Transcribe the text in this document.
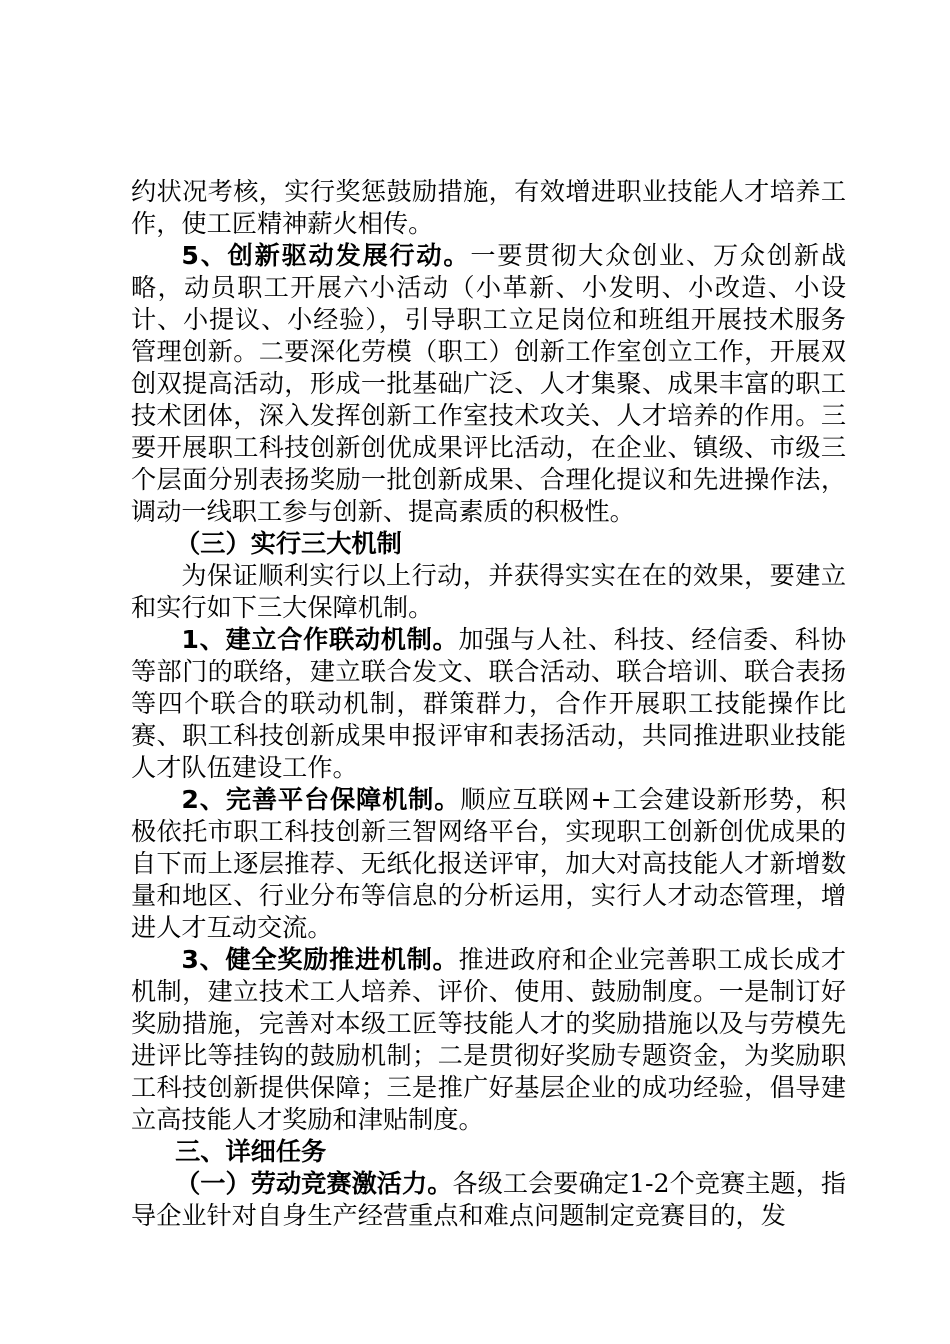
约状况考核，实行奖惩鼓励措施，有效增进职业技能人才培养工作，使工匠精神薪火相传。

5、创新驱动发展行动。一要贯彻大众创业、万众创新战略，动员职工开展六小活动（小革新、小发明、小改造、小设计、小提议、小经验），引导职工立足岗位和班组开展技术服务管理创新。二要深化劳模（职工）创新工作室创立工作，开展双创双提高活动，形成一批基础广泛、人才集聚、成果丰富的职工技术团体，深入发挥创新工作室技术攻关、人才培养的作用。三要开展职工科技创新创优成果评比活动，在企业、镇级、市级三个层面分别表扬奖励一批创新成果、合理化提议和先进操作法，调动一线职工参与创新、提高素质的积极性。

（三）实行三大机制

为保证顺利实行以上行动，并获得实实在在的效果，要建立和实行如下三大保障机制。

1、建立合作联动机制。加强与人社、科技、经信委、科协等部门的联络，建立联合发文、联合活动、联合培训、联合表扬等四个联合的联动机制，群策群力，合作开展职工技能操作比赛、职工科技创新成果申报评审和表扬活动，共同推进职业技能人才队伍建设工作。

2、完善平台保障机制。顺应互联网+工会建设新形势，积极依托市职工科技创新三智网络平台，实现职工创新创优成果的自下而上逐层推荐、无纸化报送评审，加大对高技能人才新增数量和地区、行业分布等信息的分析运用，实行人才动态管理，增进人才互动交流。

3、健全奖励推进机制。推进政府和企业完善职工成长成才机制，建立技术工人培养、评价、使用、鼓励制度。一是制订好奖励措施，完善对本级工匠等技能人才的奖励措施以及与劳模先进评比等挂钩的鼓励机制；二是贯彻好奖励专题资金，为奖励职工科技创新提供保障；三是推广好基层企业的成功经验，倡导建立高技能人才奖励和津贴制度。

三、详细任务

（一）劳动竞赛激活力。各级工会要确定1-2个竞赛主题，指导企业针对自身生产经营重点和难点问题制定竞赛目的，发
